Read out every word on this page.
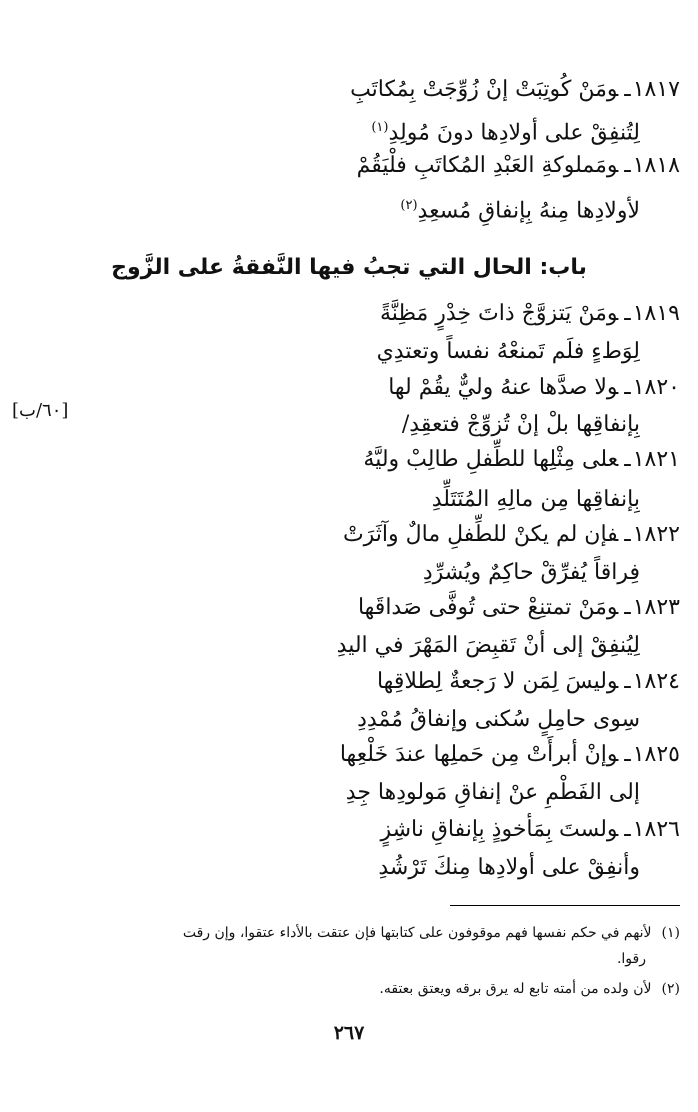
١٨١٧ـومَنْ كُوتِبَتْ إنْ زُوِّجَتْ بِمُكاتَبِ
لِتُنفِقْ على أولادِها دونَ مُولِدِ$^{(١)}$
١٨١٨ـومَملوكةِ العَبْدِ المُكاتَبِ فلْيَقُمْ
لأولادِها مِنهُ بِإنفاقِ مُسعِدِ$^{(٢)}$
باب: الحال التي تجبُ فيها النَّفقةُ على الزَّوج
١٨١٩ـومَنْ يَتزوَّجْ ذاتَ خِدْرٍ مَظِنَّةً
لِوَطءٍ فلَم تَمنعْهُ نفساً وتعتدِي
١٨٢٠ـولا صدَّها عنهُ وليٌّ يقُمْ لها
بِإنفاقِها بلْ إنْ تُزوِّجْ فتعقِدِ/
[٦٠/ب]
١٨٢١ـعلى مِثْلِها للطِّفلِ طالِبْ وليَّهُ
بِإنفاقِها مِن مالِهِ المُتَتَلِّدِ
١٨٢٢ـفإن لم يكنْ للطِّفلِ مالٌ وآثَرَتْ
فِراقاً يُفرِّقْ حاكِمٌ ويُشرِّدِ
١٨٢٣ـومَنْ تمتنِعْ حتى تُوفَّى صَداقَها
لِيُنفِقْ إلى أنْ تَقبِضَ المَهْرَ في اليدِ
١٨٢٤ـوليسَ لِمَن لا رَجعةٌ لِطلاقِها
سِوى حامِلٍ سُكنى وإنفاقُ مُمْدِدِ
١٨٢٥ـوإنْ أبرأَتْ مِن حَملِها عندَ خَلْعِها
إلى الفَطْمِ عنْ إنفاقِ مَولودِها جِدِ
١٨٢٦ـولستَ بِمَأخوذٍ بِإنفاقِ ناشِزٍ
وأنفِقْ على أولادِها مِنكَ تَرْشُدِ
(١)لأنهم في حكم نفسها فهم موقوفون على كتابتها فإن عتقت بالأداء عتقوا، وإن رقت
رقوا.
(٢)لأن ولده من أمته تابع له يرق برقه ويعتق بعتقه.
٢٦٧
